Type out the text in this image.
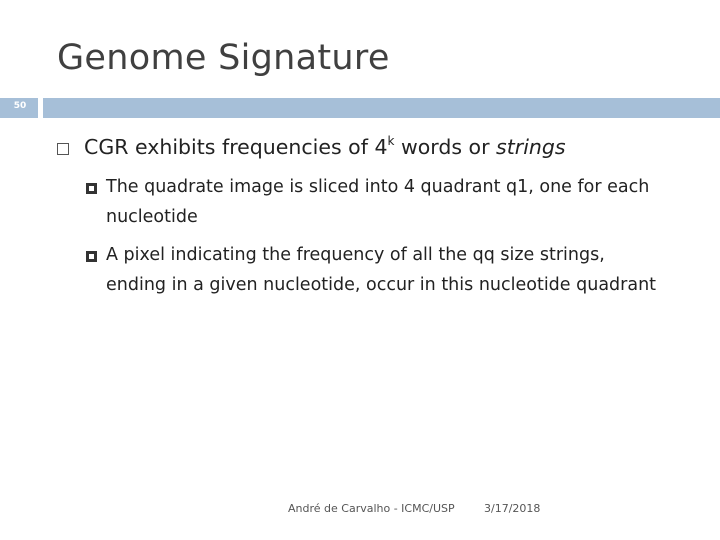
Genome Signature
50
CGR exhibits frequencies of 4$^k$ words or strings
The quadrate image is sliced into 4 quadrant q1, one for each nucleotide
A pixel indicating the frequency of all the qq size strings, ending in a given nucleotide, occur in this nucleotide quadrant
André de Carvalho - ICMC/USP	3/17/2018
